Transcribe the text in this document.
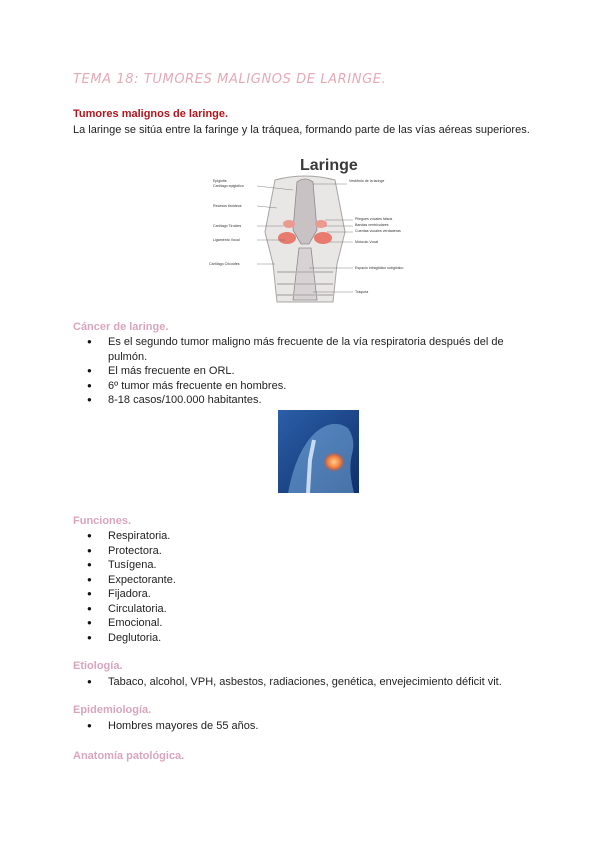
TEMA 18: TUMORES MALIGNOS DE LARINGE.
Tumores malignos de laringe.
La laringe se sitúa entre la faringe y la tráquea, formando parte de las vías aéreas superiores.
Laringe
Epiglotis
Cartílago epiglótico
Recesos tiroideos
Cartílago Tiroides
Ligamento Vocal
Cartílago Cricoides
Vestíbulo de la laringe
Pliegues vocales falsos
Bandas ventriculares
Cuerdas vocales verdaderas
Músculo Vocal
Espacio infraglótico subglótico
Tráquea
Cáncer de laringe.
● Es el segundo tumor maligno más frecuente de la vía respiratoria después del de pulmón.
● El más frecuente en ORL.
● 6º tumor más frecuente en hombres.
● 8-18 casos/100.000 habitantes.
Funciones.
● Respiratoria.
● Protectora.
● Tusígena.
● Expectorante.
● Fijadora.
● Circulatoria.
● Emocional.
● Deglutoria.
Etiología.
● Tabaco, alcohol, VPH, asbestos, radiaciones, genética, envejecimiento déficit vit.
Epidemiología.
● Hombres mayores de 55 años.
Anatomía patológica.
